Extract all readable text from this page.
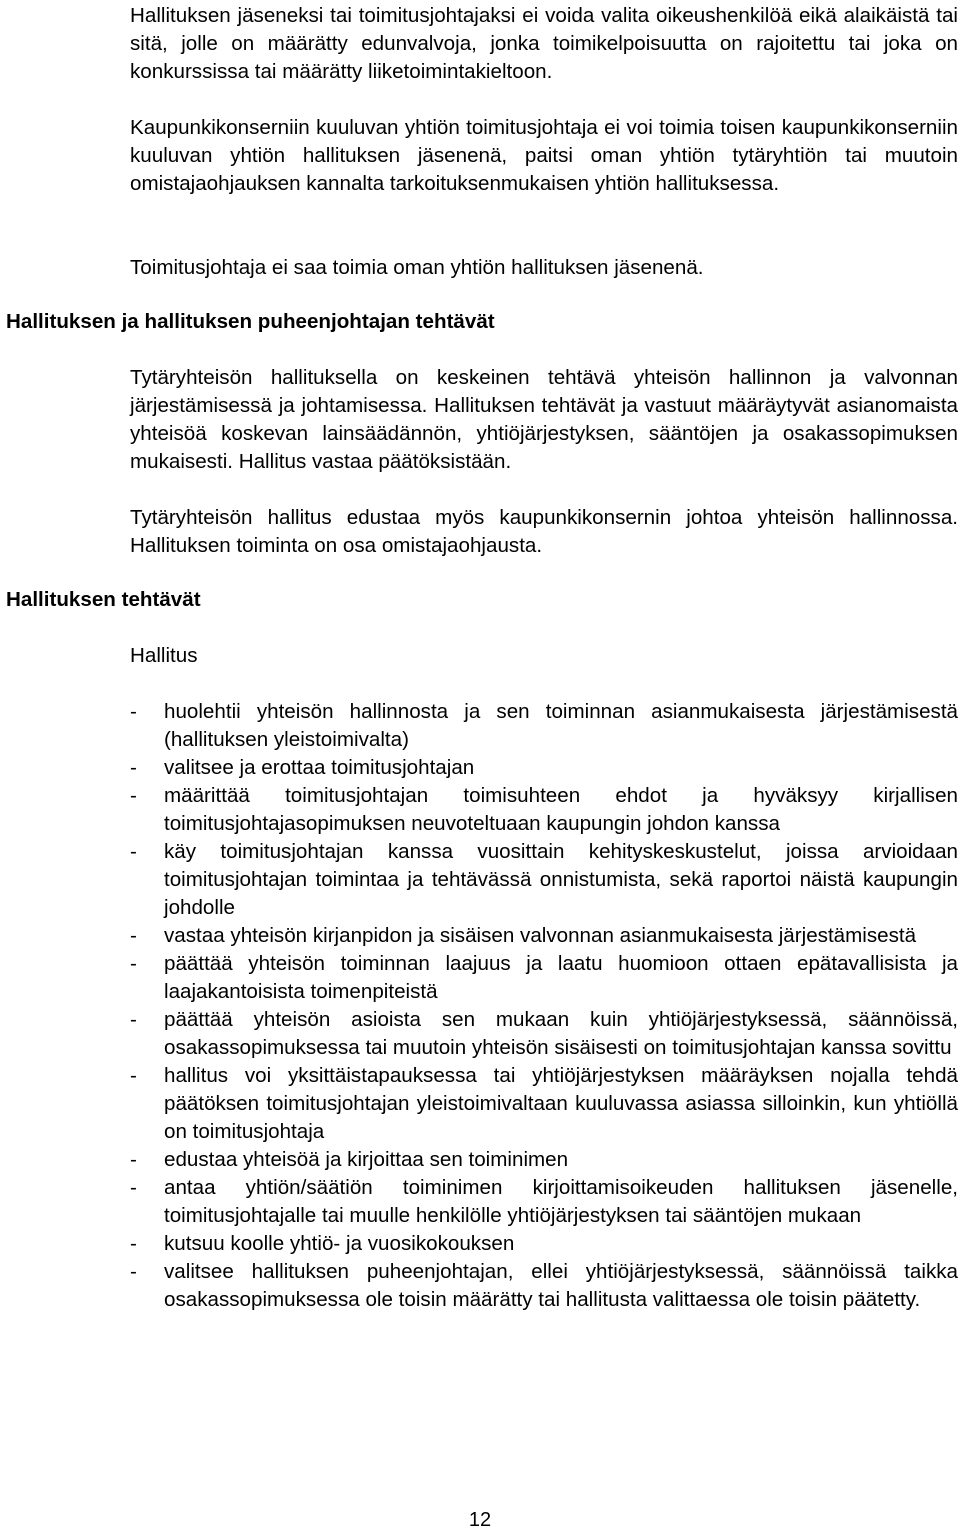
Hallituksen jäseneksi tai toimitusjohtajaksi ei voida valita oikeushenkilöä eikä alaikäistä tai sitä, jolle on määrätty edunvalvoja, jonka toimikelpoisuutta on rajoitettu tai joka on konkurssissa tai määrätty liiketoimintakieltoon.

Kaupunkikonserniin kuuluvan yhtiön toimitusjohtaja ei voi toimia toisen kaupunkikonserniin kuuluvan yhtiön hallituksen jäsenenä, paitsi oman yhtiön tytäryhtiön tai muutoin omistajaohjauksen kannalta tarkoituksenmukaisen yhtiön hallituksessa.

Toimitusjohtaja ei saa toimia oman yhtiön hallituksen jäsenenä.

Hallituksen ja hallituksen puheenjohtajan tehtävät

Tytäryhteisön hallituksella on keskeinen tehtävä yhteisön hallinnon ja valvonnan järjestämisessä ja johtamisessa. Hallituksen tehtävät ja vastuut määräytyvät asianomaista yhteisöä koskevan lainsäädännön, yhtiöjärjestyksen, sääntöjen ja osakassopimuksen mukaisesti. Hallitus vastaa päätöksistään.

Tytäryhteisön hallitus edustaa myös kaupunkikonsernin johtoa yhteisön hallinnossa. Hallituksen toiminta on osa omistajaohjausta.

Hallituksen tehtävät

Hallitus

- huolehtii yhteisön hallinnosta ja sen toiminnan asianmukaisesta järjestämisestä (hallituksen yleistoimivalta)
- valitsee ja erottaa toimitusjohtajan
- määrittää toimitusjohtajan toimisuhteen ehdot ja hyväksyy kirjallisen toimitusjohtajasopimuksen neuvoteltuaan kaupungin johdon kanssa
- käy toimitusjohtajan kanssa vuosittain kehityskeskustelut, joissa arvioidaan toimitusjohtajan toimintaa ja tehtävässä onnistumista, sekä raportoi näistä kaupungin johdolle
- vastaa yhteisön kirjanpidon ja sisäisen valvonnan asianmukaisesta järjestämisestä
- päättää yhteisön toiminnan laajuus ja laatu huomioon ottaen epätavallisista ja laajakantoisista toimenpiteistä
- päättää yhteisön asioista sen mukaan kuin yhtiöjärjestyksessä, säännöissä, osakassopimuksessa tai muutoin yhteisön sisäisesti on toimitusjohtajan kanssa sovittu
- hallitus voi yksittäistapauksessa tai yhtiöjärjestyksen määräyksen nojalla tehdä päätöksen toimitusjohtajan yleistoimivaltaan kuuluvassa asiassa silloinkin, kun yhtiöllä on toimitusjohtaja
- edustaa yhteisöä ja kirjoittaa sen toiminimen
- antaa yhtiön/säätiön toiminimen kirjoittamisoikeuden hallituksen jäsenelle, toimitusjohtajalle tai muulle henkilölle yhtiöjärjestyksen tai sääntöjen mukaan
- kutsuu koolle yhtiö- ja vuosikokouksen
- valitsee hallituksen puheenjohtajan, ellei yhtiöjärjestyksessä, säännöissä taikka osakassopimuksessa ole toisin määrätty tai hallitusta valittaessa ole toisin päätetty.
12
